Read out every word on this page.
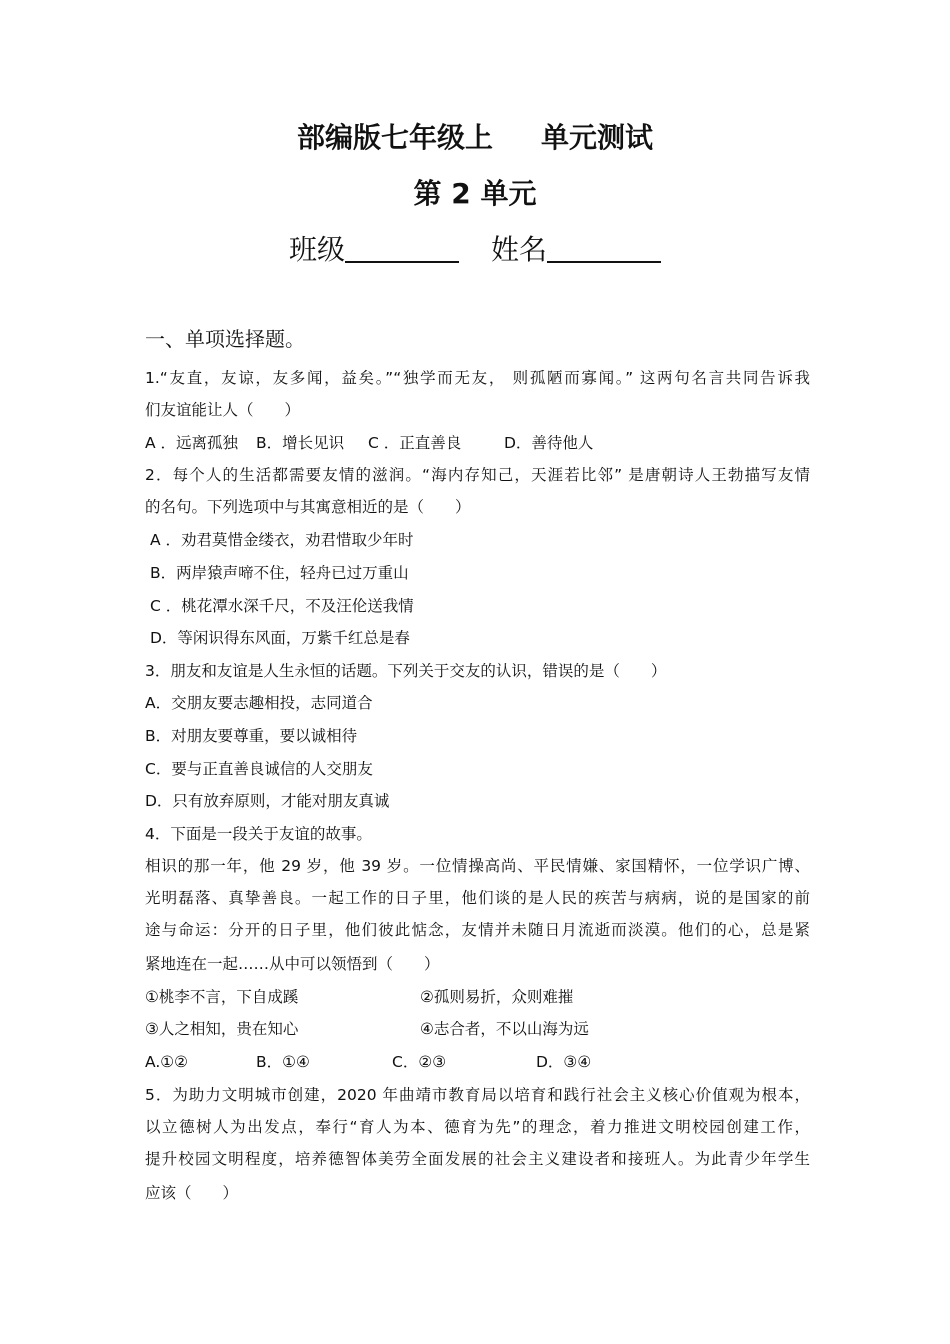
部编版七年级上 单元测试
第 2 单元
班级	姓名
一、单项选择题。
1.“友直，友谅，友多闻，益矣。”“独学而无友， 则孤陋而寡闻。” 这两句名言共同告诉我
们友谊能让人（　　）
A ．远离孤独 B．增长见识 C ．正直善良	D．善待他人
2．每个人的生活都需要友情的滋润。“海内存知己，天涯若比邻” 是唐朝诗人王勃描写友情
的名句。下列选项中与其寓意相近的是（　　）
A ．劝君莫惜金缕衣，劝君惜取少年时
B．两岸猿声啼不住，轻舟已过万重山
C ．桃花潭水深千尺，不及汪伦送我情
D．等闲识得东风面，万紫千红总是春
3．朋友和友谊是人生永恒的话题。下列关于交友的认识，错误的是（　　）
A．交朋友要志趣相投，志同道合
B．对朋友要尊重，要以诚相待
C．要与正直善良诚信的人交朋友
D．只有放弃原则，才能对朋友真诚
4．下面是一段关于友谊的故事。
相识的那一年，他 29 岁，他 39 岁。一位情操高尚、平民情嫌、家国精怀，一位学识广博、
光明磊落、真挚善良。一起工作的日子里，他们谈的是人民的疾苦与病病，说的是国家的前
途与命运：分开的日子里，他们彼此惦念，友情并未随日月流逝而淡漠。他们的心，总是紧
紧地连在一起……从中可以领悟到（　　）
①桃李不言，下自成蹊	②孤则易折，众则难摧
③人之相知，贵在知心	④志合者，不以山海为远
A.①②	B．①④	C．②③	D．③④
5．为助力文明城市创建，2020 年曲靖市教育局以培育和践行社会主义核心价值观为根本，
以立德树人为出发点，奉行“育人为本、德育为先”的理念，着力推进文明校园创建工作，
提升校园文明程度，培养德智体美劳全面发展的社会主义建设者和接班人。为此青少年学生
应该（　　）
